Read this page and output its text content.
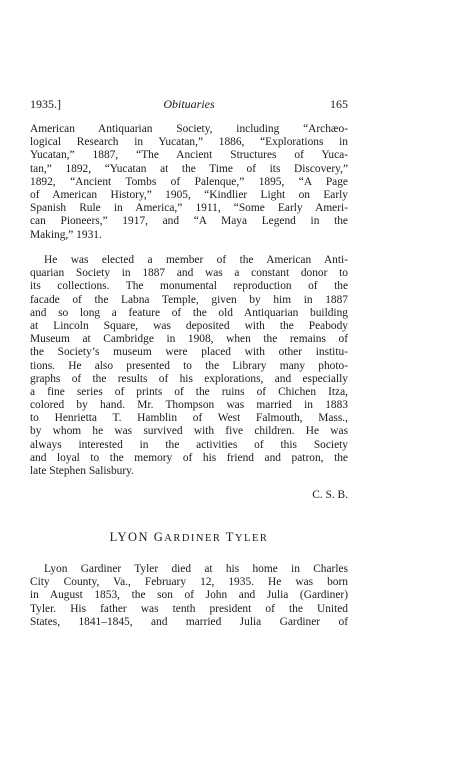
1935.]	Obituaries	165
American Antiquarian Society, including “Archæo-
logical Research in Yucatan,” 1886, “Explorations in
Yucatan,” 1887, “The Ancient Structures of Yuca-
tan,” 1892, “Yucatan at the Time of its Discovery,”
1892, “Ancient Tombs of Palenque,” 1895, “A Page
of American History,” 1905, “Kindlier Light on Early
Spanish Rule in America,” 1911, “Some Early Ameri-
can Pioneers,” 1917, and “A Maya Legend in the
Making,” 1931.
He was elected a member of the American Anti-
quarian Society in 1887 and was a constant donor to
its collections. The monumental reproduction of the
facade of the Labna Temple, given by him in 1887
and so long a feature of the old Antiquarian building
at Lincoln Square, was deposited with the Peabody
Museum at Cambridge in 1908, when the remains of
the Society’s museum were placed with other institu-
tions. He also presented to the Library many photo-
graphs of the results of his explorations, and especially
a fine series of prints of the ruins of Chichen Itza,
colored by hand. Mr. Thompson was married in 1883
to Henrietta T. Hamblin of West Falmouth, Mass.,
by whom he was survived with five children. He was
always interested in the activities of this Society
and loyal to the memory of his friend and patron, the
late Stephen Salisbury.
C. S. B.
LYON GARDINER TYLER
Lyon Gardiner Tyler died at his home in Charles
City County, Va., February 12, 1935. He was born
in August 1853, the son of John and Julia (Gardiner)
Tyler. His father was tenth president of the United
States, 1841–1845, and married Julia Gardiner of
